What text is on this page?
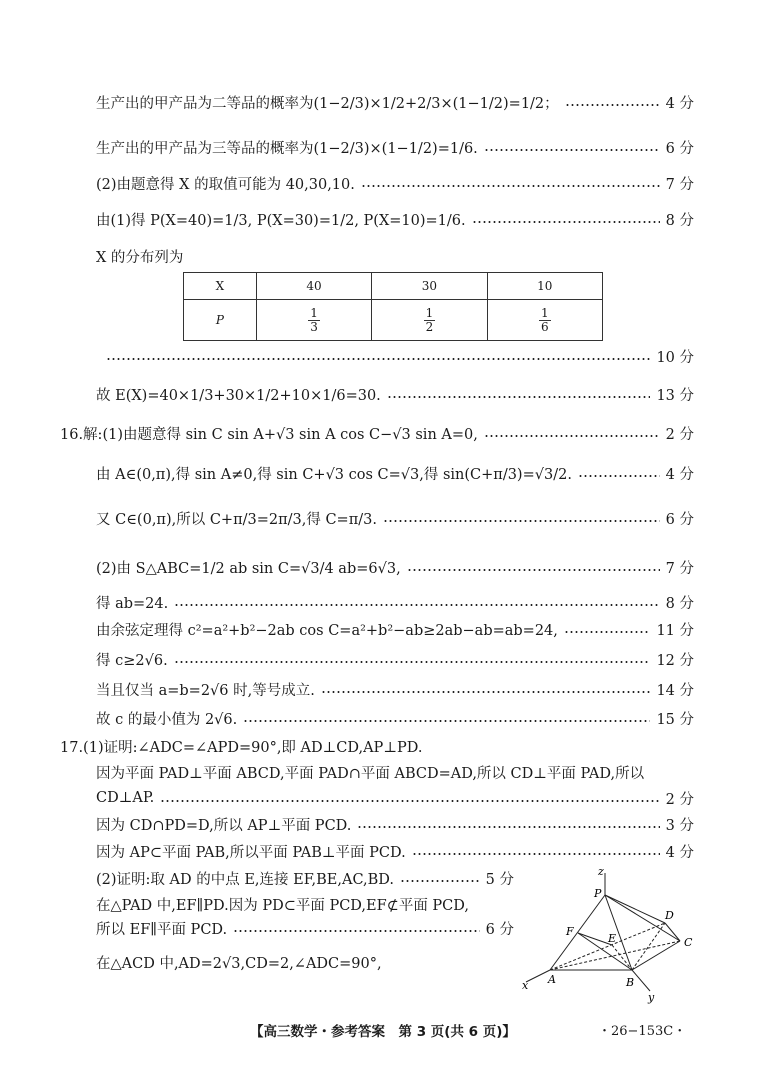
生产出的甲产品为二等品的概率为(1−2/3)×1/2+2/3×(1−1/2)=1/2；	4 分
生产出的甲产品为三等品的概率为(1−2/3)×(1−1/2)=1/6.	6 分
(2)由题意得 X 的取值可能为 40,30,10.	7 分
由(1)得 P(X=40)=1/3, P(X=30)=1/2, P(X=10)=1/6.	8 分
X 的分布列为
X	40	30	10
P	$\frac{1}{3}$	$\frac{1}{2}$	$\frac{1}{6}$
10 分
故 E(X)=40×1/3+30×1/2+10×1/6=30.	13 分
16.解:(1)由题意得 sin C sin A+√3 sin A cos C−√3 sin A=0,	2 分
由 A∈(0,π),得 sin A≠0,得 sin C+√3 cos C=√3,得 sin(C+π/3)=√3/2.	4 分
又 C∈(0,π),所以 C+π/3=2π/3,得 C=π/3.	6 分
(2)由 S△ABC=1/2 ab sin C=√3/4 ab=6√3,	7 分
得 ab=24.	8 分
由余弦定理得 c²=a²+b²−2ab cos C=a²+b²−ab≥2ab−ab=ab=24,	11 分
得 c≥2√6.	12 分
当且仅当 a=b=2√6 时,等号成立.	14 分
故 c 的最小值为 2√6.	15 分
17.(1)证明:∠ADC=∠APD=90°,即 AD⊥CD,AP⊥PD.
因为平面 PAD⊥平面 ABCD,平面 PAD∩平面 ABCD=AD,所以 CD⊥平面 PAD,所以
CD⊥AP.	2 分
因为 CD∩PD=D,所以 AP⊥平面 PCD.	3 分
因为 AP⊂平面 PAB,所以平面 PAB⊥平面 PCD.	4 分
(2)证明:取 AD 的中点 E,连接 EF,BE,AC,BD.	5 分
在△PAD 中,EF∥PD.因为 PD⊂平面 PCD,EF⊄平面 PCD,
所以 EF∥平面 PCD.	6 分
在△ACD 中,AD=2√3,CD=2,∠ADC=90°,
z
P
D
C
F
E
A	B
x
y
【高三数学・参考答案　第 3 页(共 6 页)】	・26−153C・
